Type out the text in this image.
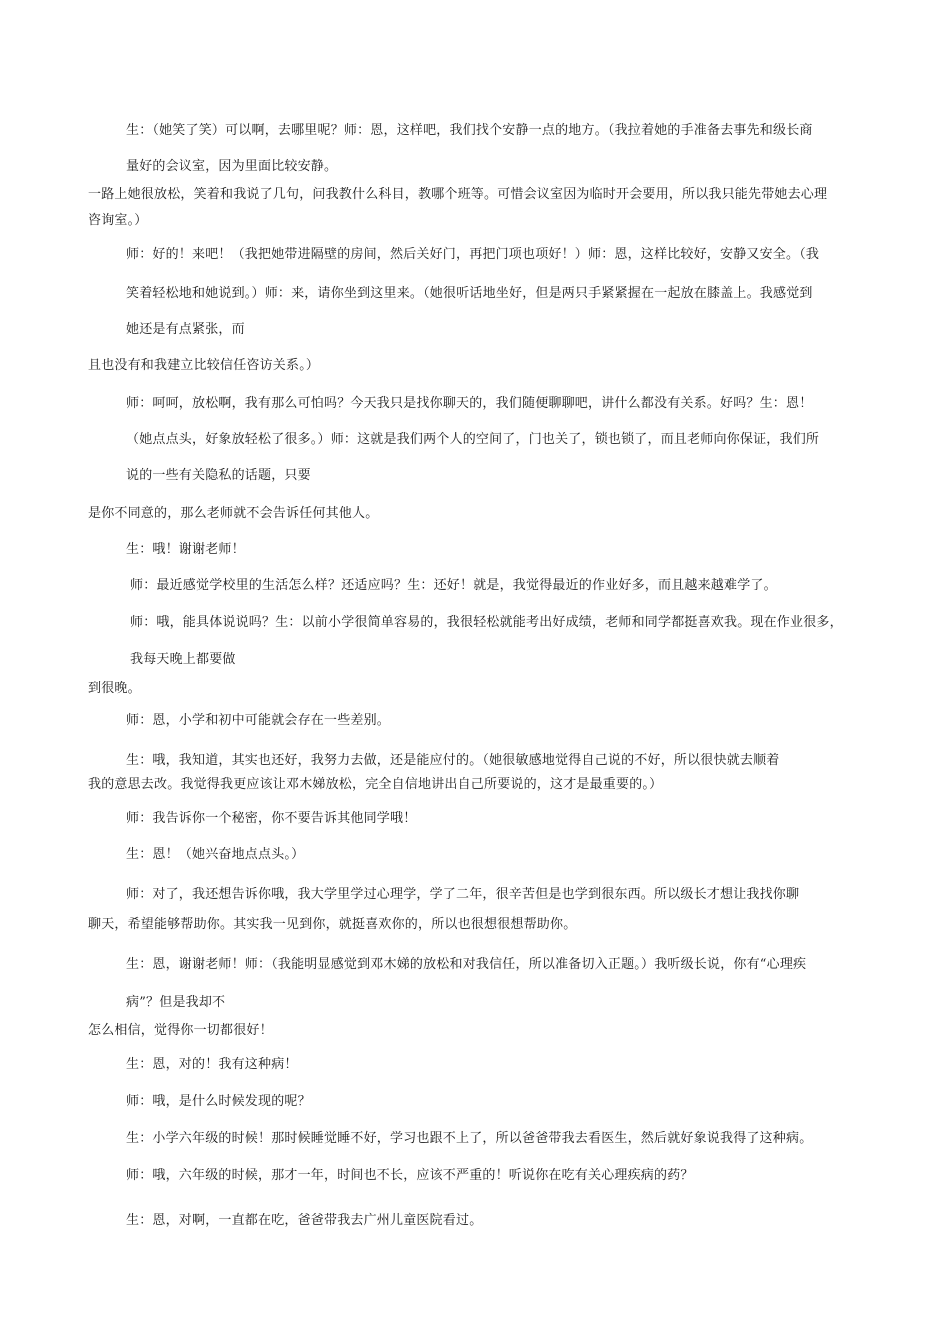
生：（她笑了笑）可以啊，去哪里呢？师：恩，这样吧，我们找个安静一点的地方。（我拉着她的手准备去事先和级长商
量好的会议室，因为里面比较安静。
一路上她很放松，笑着和我说了几句，问我教什么科目，教哪个班等。可惜会议室因为临时开会要用，所以我只能先带她去心理
咨询室。）
师：好的！来吧！（我把她带进隔壁的房间，然后关好门，再把门项也项好！）师：恩，这样比较好，安静又安全。（我
笑着轻松地和她说到。）师：来，请你坐到这里来。（她很听话地坐好，但是两只手紧紧握在一起放在膝盖上。我感觉到
她还是有点紧张，而
且也没有和我建立比较信任咨访关系。）
师：呵呵，放松啊，我有那么可怕吗？今天我只是找你聊天的，我们随便聊聊吧，讲什么都没有关系。好吗？生：恩！
（她点点头，好象放轻松了很多。）师：这就是我们两个人的空间了，门也关了，锁也锁了，而且老师向你保证，我们所
说的一些有关隐私的话题，只要
是你不同意的，那么老师就不会告诉任何其他人。
生：哦！谢谢老师！
师：最近感觉学校里的生活怎么样？还适应吗？生：还好！就是，我觉得最近的作业好多，而且越来越难学了。
师：哦，能具体说说吗？生：以前小学很简单容易的，我很轻松就能考出好成绩，老师和同学都挺喜欢我。现在作业很多，
我每天晚上都要做
到很晚。
师：恩，小学和初中可能就会存在一些差别。
生：哦，我知道，其实也还好，我努力去做，还是能应付的。（她很敏感地觉得自己说的不好，所以很快就去顺着
我的意思去改。我觉得我更应该让邓木娣放松，完全自信地讲出自己所要说的，这才是最重要的。）
师：我告诉你一个秘密，你不要告诉其他同学哦！
生：恩！（她兴奋地点点头。）
师：对了，我还想告诉你哦，我大学里学过心理学，学了二年，很辛苦但是也学到很东西。所以级长才想让我找你聊
聊天，希望能够帮助你。其实我一见到你，就挺喜欢你的，所以也很想很想帮助你。
生：恩，谢谢老师！师：（我能明显感觉到邓木娣的放松和对我信任，所以准备切入正题。）我听级长说，你有“心理疾
病”？但是我却不
怎么相信，觉得你一切都很好！
生：恩，对的！我有这种病！
师：哦，是什么时候发现的呢？
生：小学六年级的时候！那时候睡觉睡不好，学习也跟不上了，所以爸爸带我去看医生，然后就好象说我得了这种病。
师：哦，六年级的时候，那才一年，时间也不长，应该不严重的！听说你在吃有关心理疾病的药？
生：恩，对啊，一直都在吃，爸爸带我去广州儿童医院看过。
